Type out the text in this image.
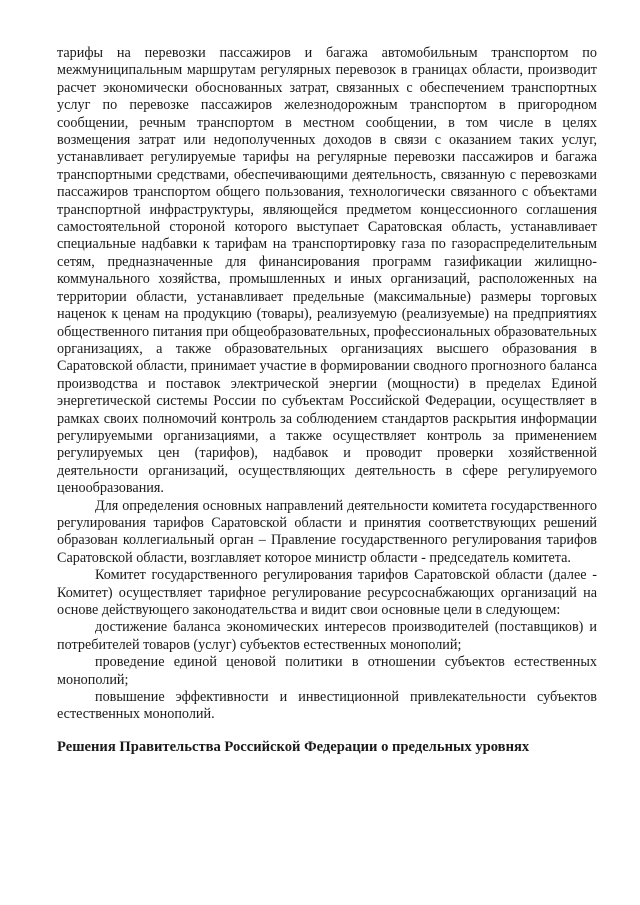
тарифы на перевозки пассажиров и багажа автомобильным транспортом по межмуниципальным маршрутам регулярных перевозок в границах области, производит расчет экономически обоснованных затрат, связанных с обеспечением транспортных услуг по перевозке пассажиров железнодорожным транспортом в пригородном сообщении, речным транспортом в местном сообщении, в том числе в целях возмещения затрат или недополученных доходов в связи с оказанием таких услуг, устанавливает регулируемые тарифы на регулярные перевозки пассажиров и багажа транспортными средствами, обеспечивающими деятельность, связанную с перевозками пассажиров транспортом общего пользования, технологически связанного с объектами транспортной инфраструктуры, являющейся предметом концессионного соглашения самостоятельной стороной которого выступает Саратовская область, устанавливает специальные надбавки к тарифам на транспортировку газа по газораспределительным сетям, предназначенные для финансирования программ газификации жилищно-коммунального хозяйства, промышленных и иных организаций, расположенных на территории области, устанавливает предельные (максимальные) размеры торговых наценок к ценам на продукцию (товары), реализуемую (реализуемые) на предприятиях общественного питания при общеобразовательных, профессиональных образовательных организациях, а также образовательных организациях высшего образования в Саратовской области, принимает участие в формировании сводного прогнозного баланса производства и поставок электрической энергии (мощности) в пределах Единой энергетической системы России по субъектам Российской Федерации, осуществляет в рамках своих полномочий контроль за соблюдением стандартов раскрытия информации регулируемыми организациями, а также осуществляет контроль за применением регулируемых цен (тарифов), надбавок и проводит проверки хозяйственной деятельности организаций, осуществляющих деятельность в сфере регулируемого ценообразования.

Для определения основных направлений деятельности комитета государственного регулирования тарифов Саратовской области и принятия соответствующих решений образован коллегиальный орган – Правление государственного регулирования тарифов Саратовской области, возглавляет которое министр области - председатель комитета.

Комитет государственного регулирования тарифов Саратовской области (далее - Комитет) осуществляет тарифное регулирование ресурсоснабжающих организаций на основе действующего законодательства и видит свои основные цели в следующем:

достижение баланса экономических интересов производителей (поставщиков) и потребителей товаров (услуг) субъектов естественных монополий;

проведение единой ценовой политики в отношении субъектов естественных монополий;

повышение эффективности и инвестиционной привлекательности субъектов естественных монополий.

Решения Правительства Российской Федерации о предельных уровнях
